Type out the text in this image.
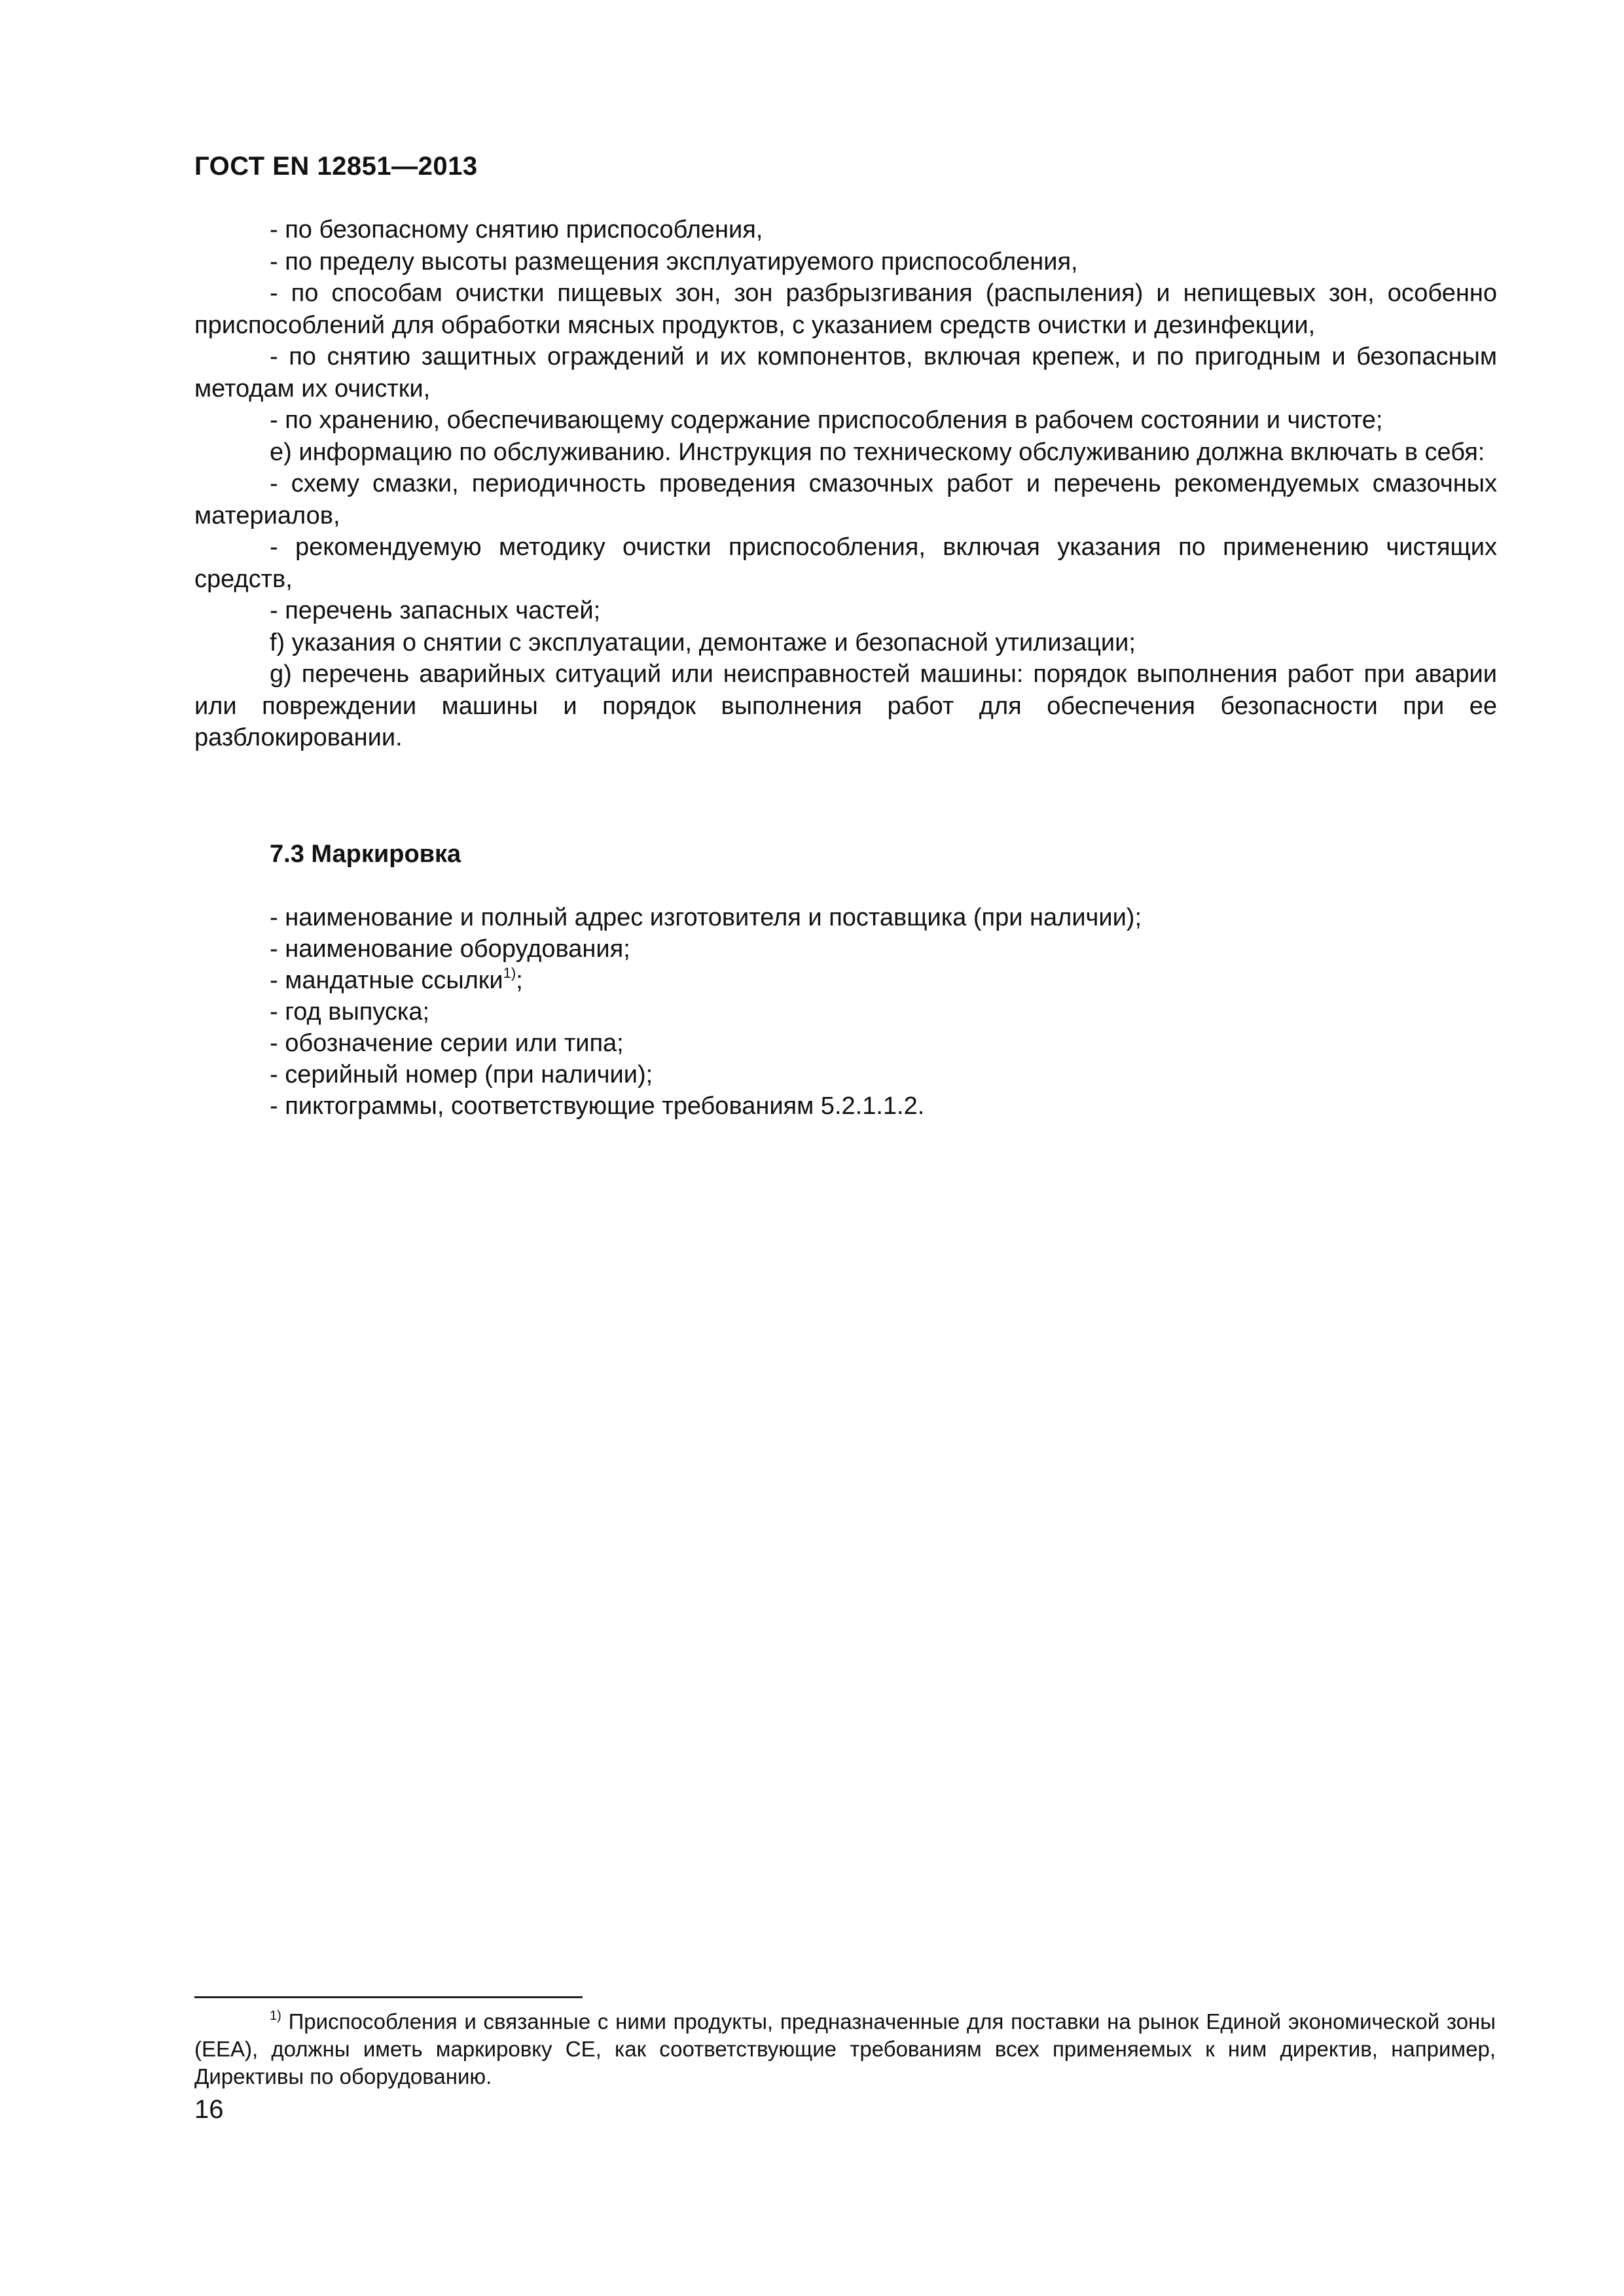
ГОСТ EN 12851—2013

- по безопасному снятию приспособления,

- по пределу высоты размещения эксплуатируемого приспособления,

- по способам очистки пищевых зон, зон разбрызгивания (распыления) и непищевых зон, особенно приспособлений для обработки мясных продуктов, с указанием средств очистки и дезинфекции,

- по снятию защитных ограждений и их компонентов, включая крепеж, и по пригодным и безопасным методам их очистки,

- по хранению, обеспечивающему содержание приспособления в рабочем состоянии и чистоте;

е) информацию по обслуживанию. Инструкция по техническому обслуживанию должна включать в себя:

- схему смазки, периодичность проведения смазочных работ и перечень рекомендуемых смазочных материалов,

- рекомендуемую методику очистки приспособления, включая указания по применению чистящих средств,

- перечень запасных частей;

f) указания о снятии с эксплуатации, демонтаже и безопасной утилизации;

g) перечень аварийных ситуаций или неисправностей машины: порядок выполнения работ при аварии или повреждении машины и порядок выполнения работ для обеспечения безопасности при ее разблокировании.

7.3 Маркировка
- наименование и полный адрес изготовителя и поставщика (при наличии);
- наименование оборудования;
- мандатные ссылки$^{1)}$;
- год выпуска;
- обозначение серии или типа;
- серийный номер (при наличии);
- пиктограммы, соответствующие требованиям 5.2.1.1.2.

$^{1)}$ Приспособления и связанные с ними продукты, предназначенные для поставки на рынок Единой экономической зоны (ЕЕА), должны иметь маркировку СЕ, как соответствующие требованиям всех применяемых к ним директив, например, Директивы по оборудованию.

16
